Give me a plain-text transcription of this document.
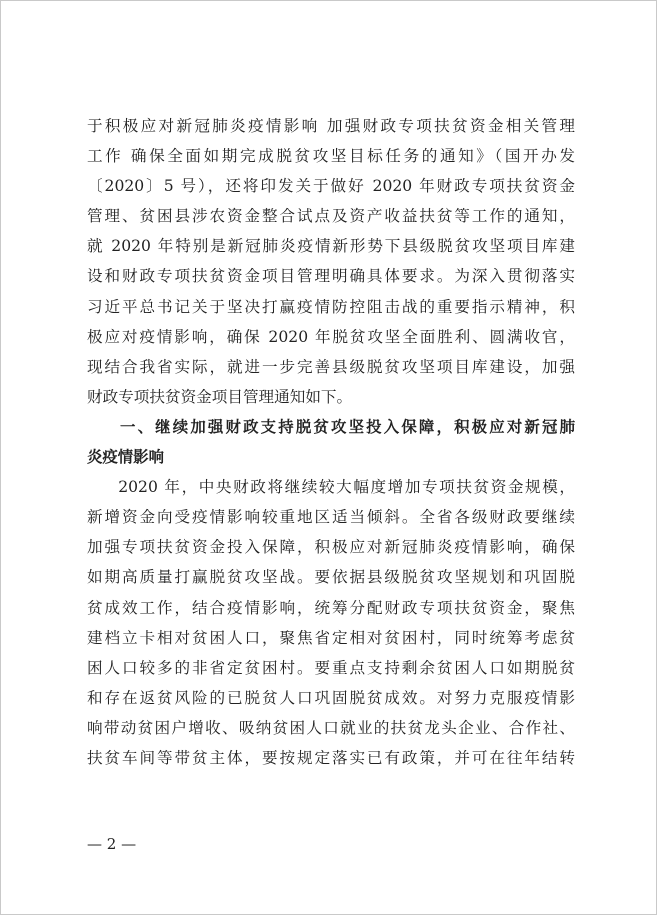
于积极应对新冠肺炎疫情影响 加强财政专项扶贫资金相关管理

工作 确保全面如期完成脱贫攻坚目标任务的通知》（国开办发

〔2020〕5 号），还将印发关于做好 2020 年财政专项扶贫资金

管理、贫困县涉农资金整合试点及资产收益扶贫等工作的通知，

就 2020 年特别是新冠肺炎疫情新形势下县级脱贫攻坚项目库建

设和财政专项扶贫资金项目管理明确具体要求。为深入贯彻落实

习近平总书记关于坚决打赢疫情防控阻击战的重要指示精神，积

极应对疫情影响，确保 2020 年脱贫攻坚全面胜利、圆满收官，

现结合我省实际，就进一步完善县级脱贫攻坚项目库建设，加强

财政专项扶贫资金项目管理通知如下。

一、继续加强财政支持脱贫攻坚投入保障，积极应对新冠肺

炎疫情影响

2020 年，中央财政将继续较大幅度增加专项扶贫资金规模，

新增资金向受疫情影响较重地区适当倾斜。全省各级财政要继续

加强专项扶贫资金投入保障，积极应对新冠肺炎疫情影响，确保

如期高质量打赢脱贫攻坚战。要依据县级脱贫攻坚规划和巩固脱

贫成效工作，结合疫情影响，统筹分配财政专项扶贫资金，聚焦

建档立卡相对贫困人口，聚焦省定相对贫困村，同时统筹考虑贫

困人口较多的非省定贫困村。要重点支持剩余贫困人口如期脱贫

和存在返贫风险的已脱贫人口巩固脱贫成效。对努力克服疫情影

响带动贫困户增收、吸纳贫困人口就业的扶贫龙头企业、合作社、

扶贫车间等带贫主体，要按规定落实已有政策，并可在往年结转

— 2 —
